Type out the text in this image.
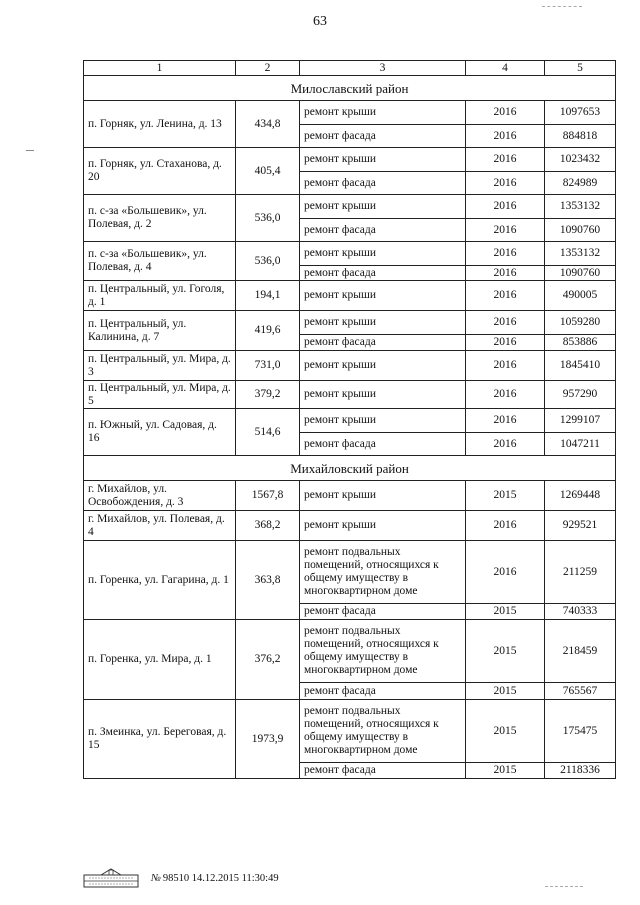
63
1	2	3	4	5
Милославский район				
п. Горняк, ул. Ленина, д. 13	434,8	ремонт крыши	2016	1097653
		ремонт фасада	2016	884818
п. Горняк, ул. Стаханова, д. 20	405,4	ремонт крыши	2016	1023432
		ремонт фасада	2016	824989
п. с-за «Большевик», ул. Полевая, д. 2	536,0	ремонт крыши	2016	1353132
		ремонт фасада	2016	1090760
п. с-за «Большевик», ул. Полевая, д. 4	536,0	ремонт крыши	2016	1353132
		ремонт фасада	2016	1090760
п. Центральный, ул. Гоголя, д. 1	194,1	ремонт крыши	2016	490005
п. Центральный, ул. Калинина, д. 7	419,6	ремонт крыши	2016	1059280
		ремонт фасада	2016	853886
п. Центральный, ул. Мира, д. 3	731,0	ремонт крыши	2016	1845410
п. Центральный, ул. Мира, д. 5	379,2	ремонт крыши	2016	957290
п. Южный, ул. Садовая, д. 16	514,6	ремонт крыши	2016	1299107
		ремонт фасада	2016	1047211
Михайловский район				
г. Михайлов, ул. Освобождения, д. 3	1567,8	ремонт крыши	2015	1269448
г. Михайлов, ул. Полевая, д. 4	368,2	ремонт крыши	2016	929521
п. Горенка, ул. Гагарина, д. 1	363,8	ремонт подвальных помещений, относящихся к общему имуществу в многоквартирном доме	2016	211259
		ремонт фасада	2015	740333
п. Горенка, ул. Мира, д. 1	376,2	ремонт подвальных помещений, относящихся к общему имуществу в многоквартирном доме	2015	218459
		ремонт фасада	2015	765567
п. Змеинка, ул. Береговая, д. 15	1973,9	ремонт подвальных помещений, относящихся к общему имуществу в многоквартирном доме	2015	175475
		ремонт фасада	2015	2118336
№ 98510
14.12.2015 11:30:49
